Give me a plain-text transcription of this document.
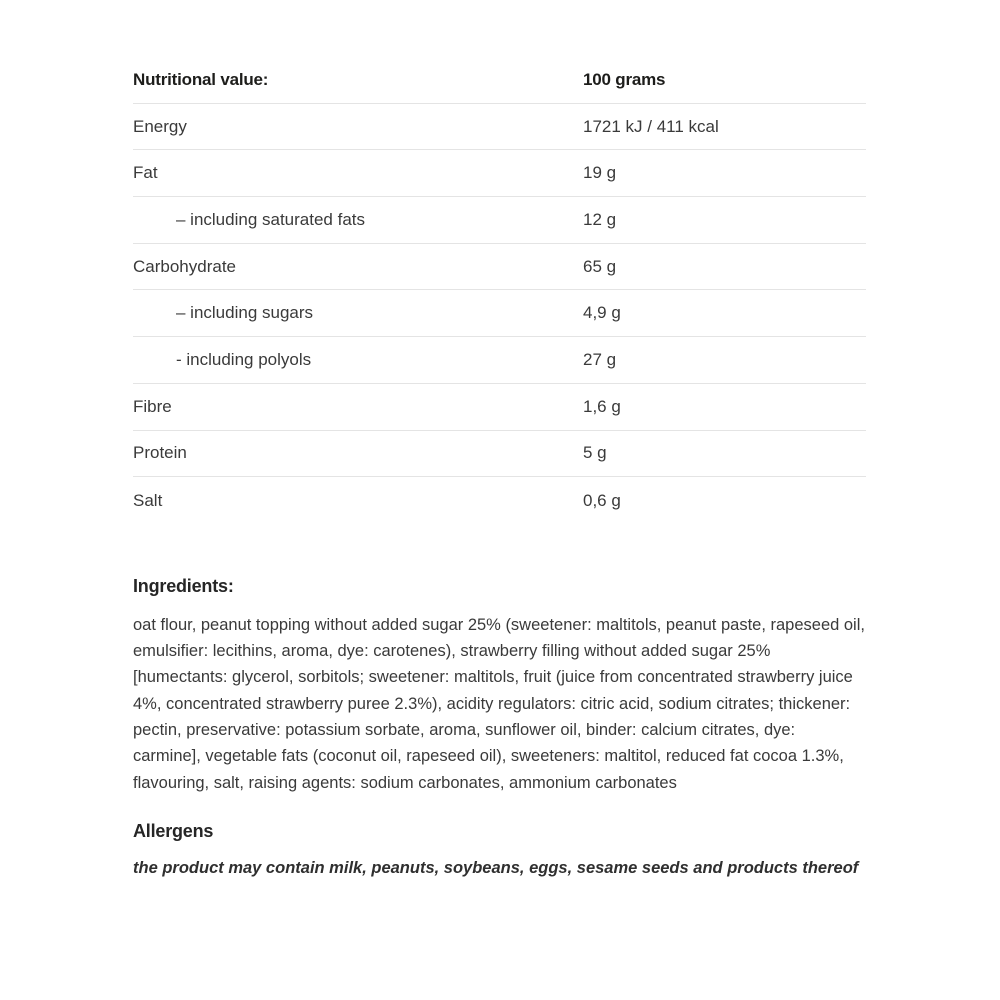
Nutritional value:	100 grams
Energy	1721 kJ / 411 kcal
Fat	19 g
– including saturated fats	12 g
Carbohydrate	65 g
– including sugars	4,9 g
- including polyols	27 g
Fibre	1,6 g
Protein	5 g
Salt	0,6 g
Ingredients:
oat flour, peanut topping without added sugar 25% (sweetener: maltitols, peanut paste, rapeseed oil, emulsifier: lecithins, aroma, dye: carotenes), strawberry filling without added sugar 25% [humectants: glycerol, sorbitols; sweetener: maltitols, fruit (juice from concentrated strawberry juice 4%, concentrated strawberry puree 2.3%), acidity regulators: citric acid, sodium citrates; thickener: pectin, preservative: potassium sorbate, aroma, sunflower oil, binder: calcium citrates, dye: carmine], vegetable fats (coconut oil, rapeseed oil), sweeteners: maltitol, reduced fat cocoa 1.3%, flavouring, salt, raising agents: sodium carbonates, ammonium carbonates
Allergens
the product may contain milk, peanuts, soybeans, eggs, sesame seeds and products thereof
